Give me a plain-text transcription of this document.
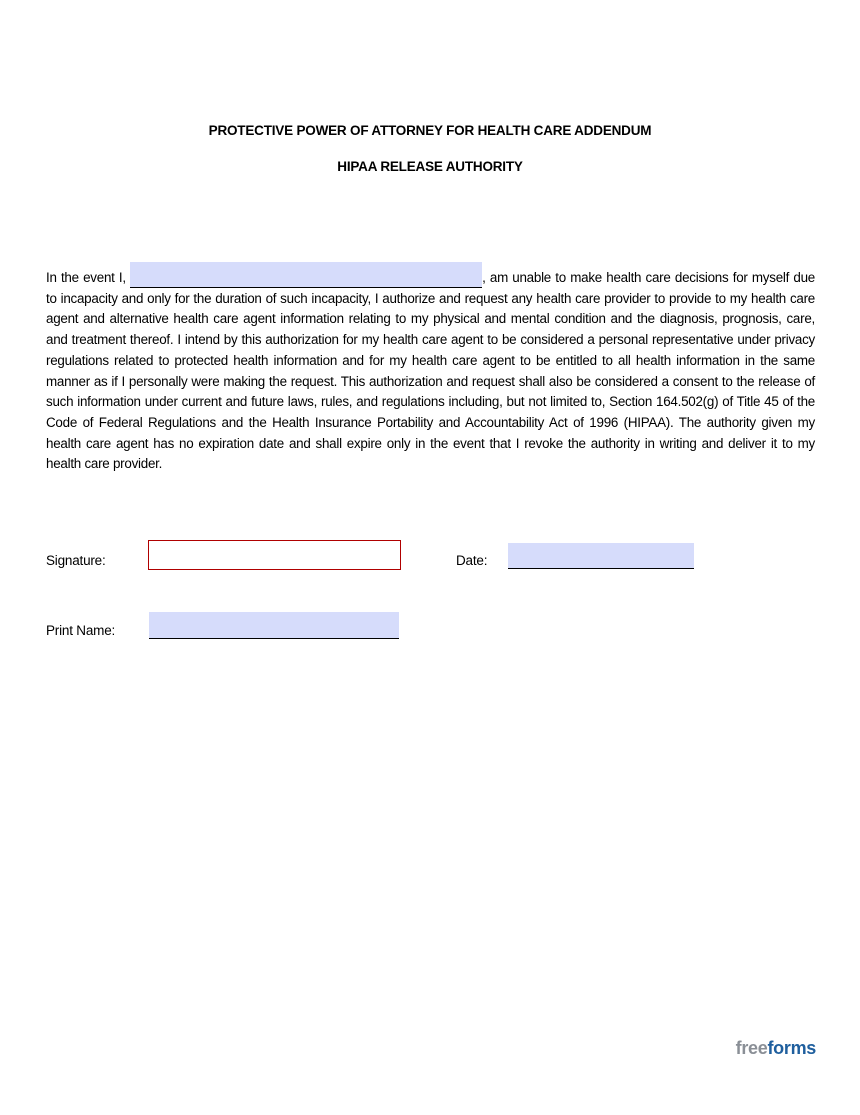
PROTECTIVE POWER OF ATTORNEY FOR HEALTH CARE ADDENDUM
HIPAA RELEASE AUTHORITY
In the event I,	, am unable to make health care decisions for myself due to incapacity and only for the duration of such incapacity, I authorize and request any health care provider to provide to my health care agent and alternative health care agent information relating to my physical and mental condition and the diagnosis, prognosis, care, and treatment thereof. I intend by this authorization for my health care agent to be considered a personal representative under privacy regulations related to protected health information and for my health care agent to be entitled to all health information in the same manner as if I personally were making the request. This authorization and request shall also be considered a consent to the release of such information under current and future laws, rules, and regulations including, but not limited to, Section 164.502(g) of Title 45 of the Code of Federal Regulations and the Health Insurance Portability and Accountability Act of 1996 (HIPAA). The authority given my health care agent has no expiration date and shall expire only in the event that I revoke the authority in writing and deliver it to my health care provider.
Signature:	Date:
Print Name:
freeforms
